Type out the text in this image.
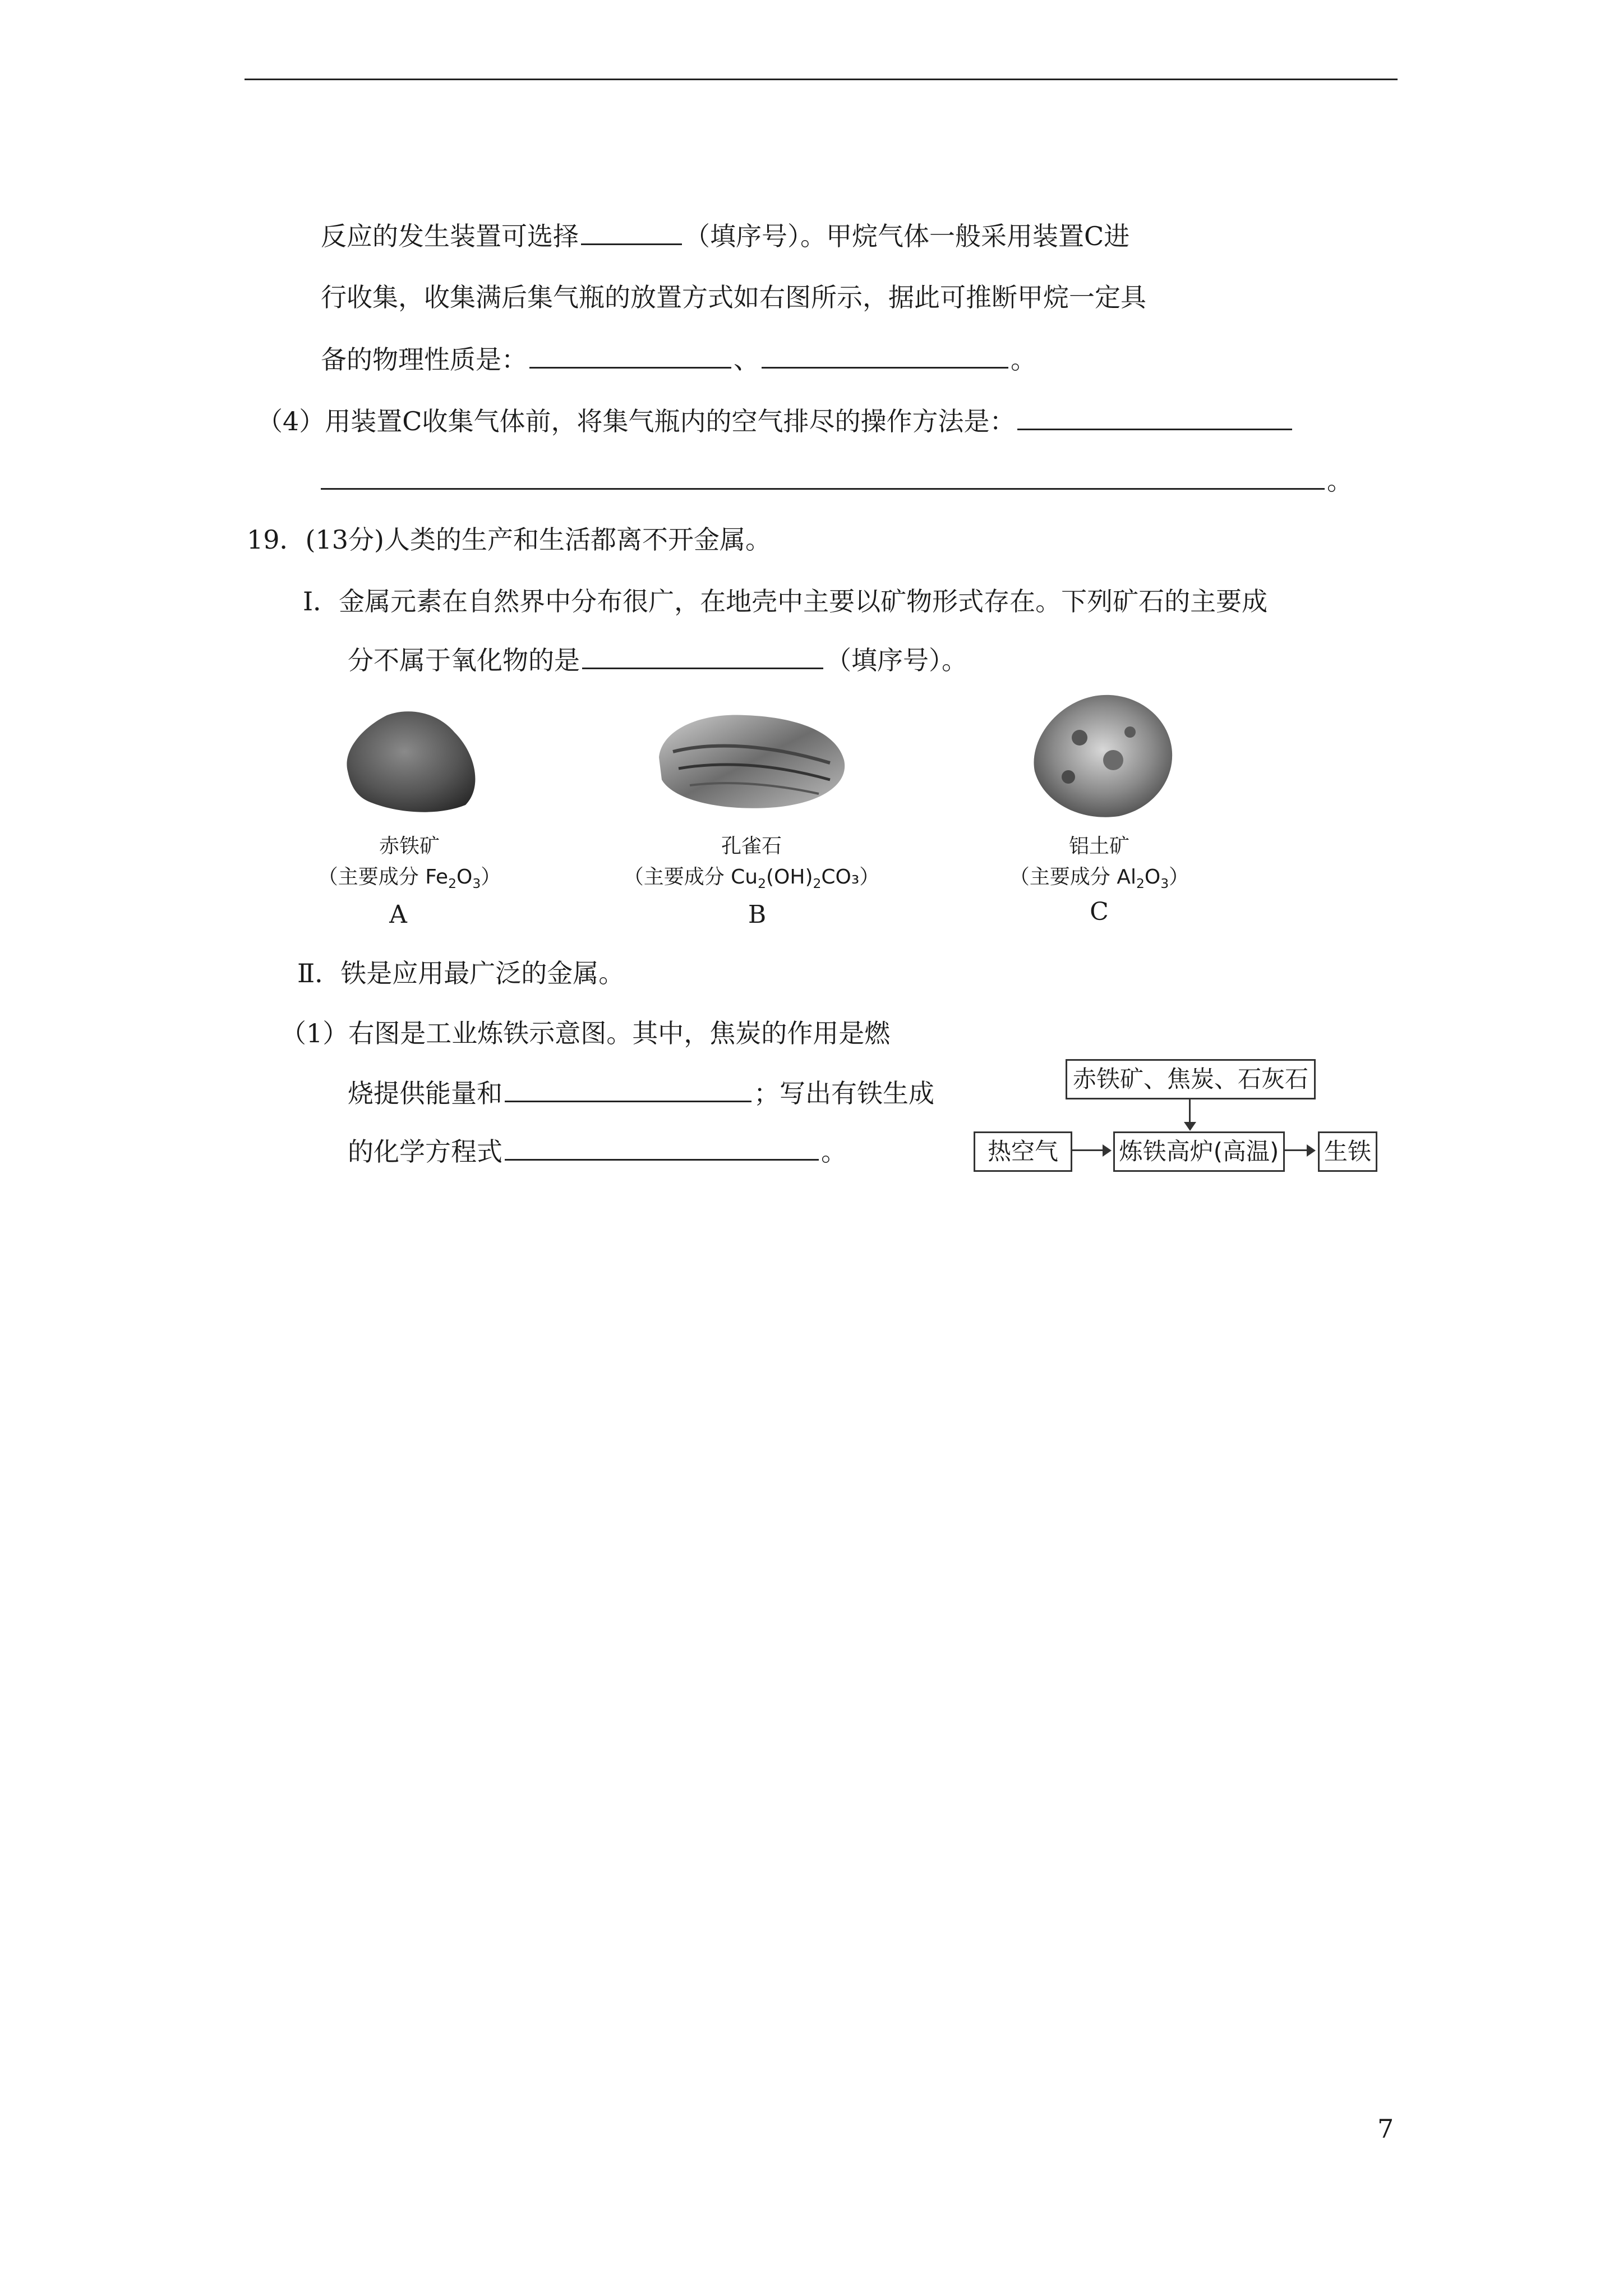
反应的发生装置可选择	（填序号）。甲烷气体一般采用装置C进
行收集，收集满后集气瓶的放置方式如右图所示，据此可推断甲烷一定具
备的物理性质是：	、	。
（4）用装置C收集气体前，将集气瓶内的空气排尽的操作方法是：
。
19．(13分)人类的生产和生活都离不开金属。
Ⅰ．金属元素在自然界中分布很广，在地壳中主要以矿物形式存在。下列矿石的主要成
分不属于氧化物的是	（填序号）。
赤铁矿
（主要成分 $Fe_2O_3$）
A
孔雀石
（主要成分 $Cu_2(OH)_2CO_3$）
B
铝土矿
（主要成分 $Al_2O_3$）
C
Ⅱ．铁是应用最广泛的金属。
（1）右图是工业炼铁示意图。其中，焦炭的作用是燃
烧提供能量和	；写出有铁生成
的化学方程式	。
赤铁矿、焦炭、石灰石
热空气	炼铁高炉(高温) 生铁
7
